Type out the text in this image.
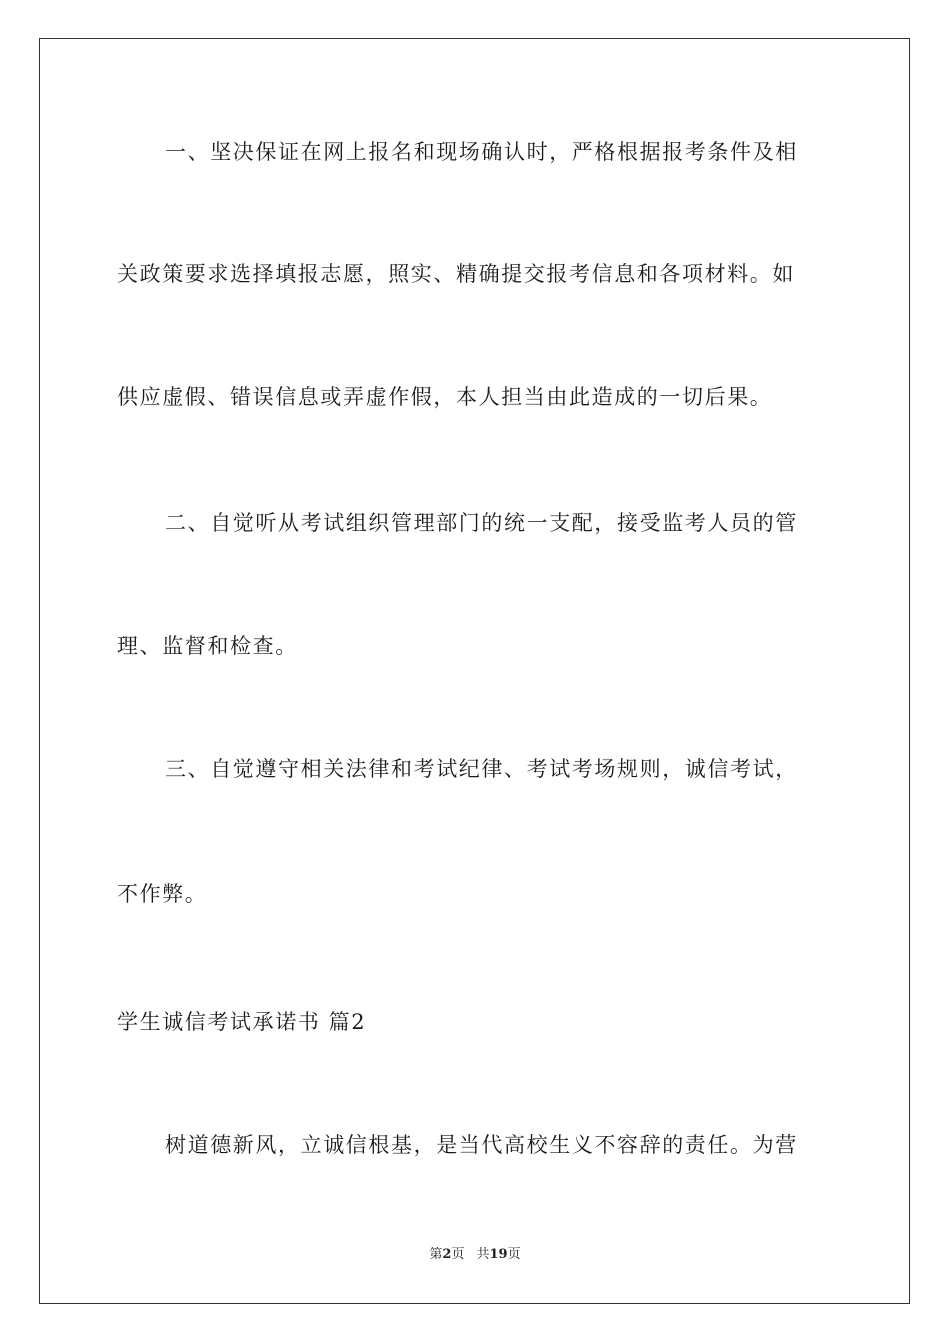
一、坚决保证在网上报名和现场确认时，严格根据报考条件及相
关政策要求选择填报志愿，照实、精确提交报考信息和各项材料。如
供应虚假、错误信息或弄虚作假，本人担当由此造成的一切后果。
二、自觉听从考试组织管理部门的统一支配，接受监考人员的管
理、监督和检查。
三、自觉遵守相关法律和考试纪律、考试考场规则，诚信考试，
不作弊。
学生诚信考试承诺书 篇2
树道德新风，立诚信根基，是当代高校生义不容辞的责任。为营
第2页 共19页
